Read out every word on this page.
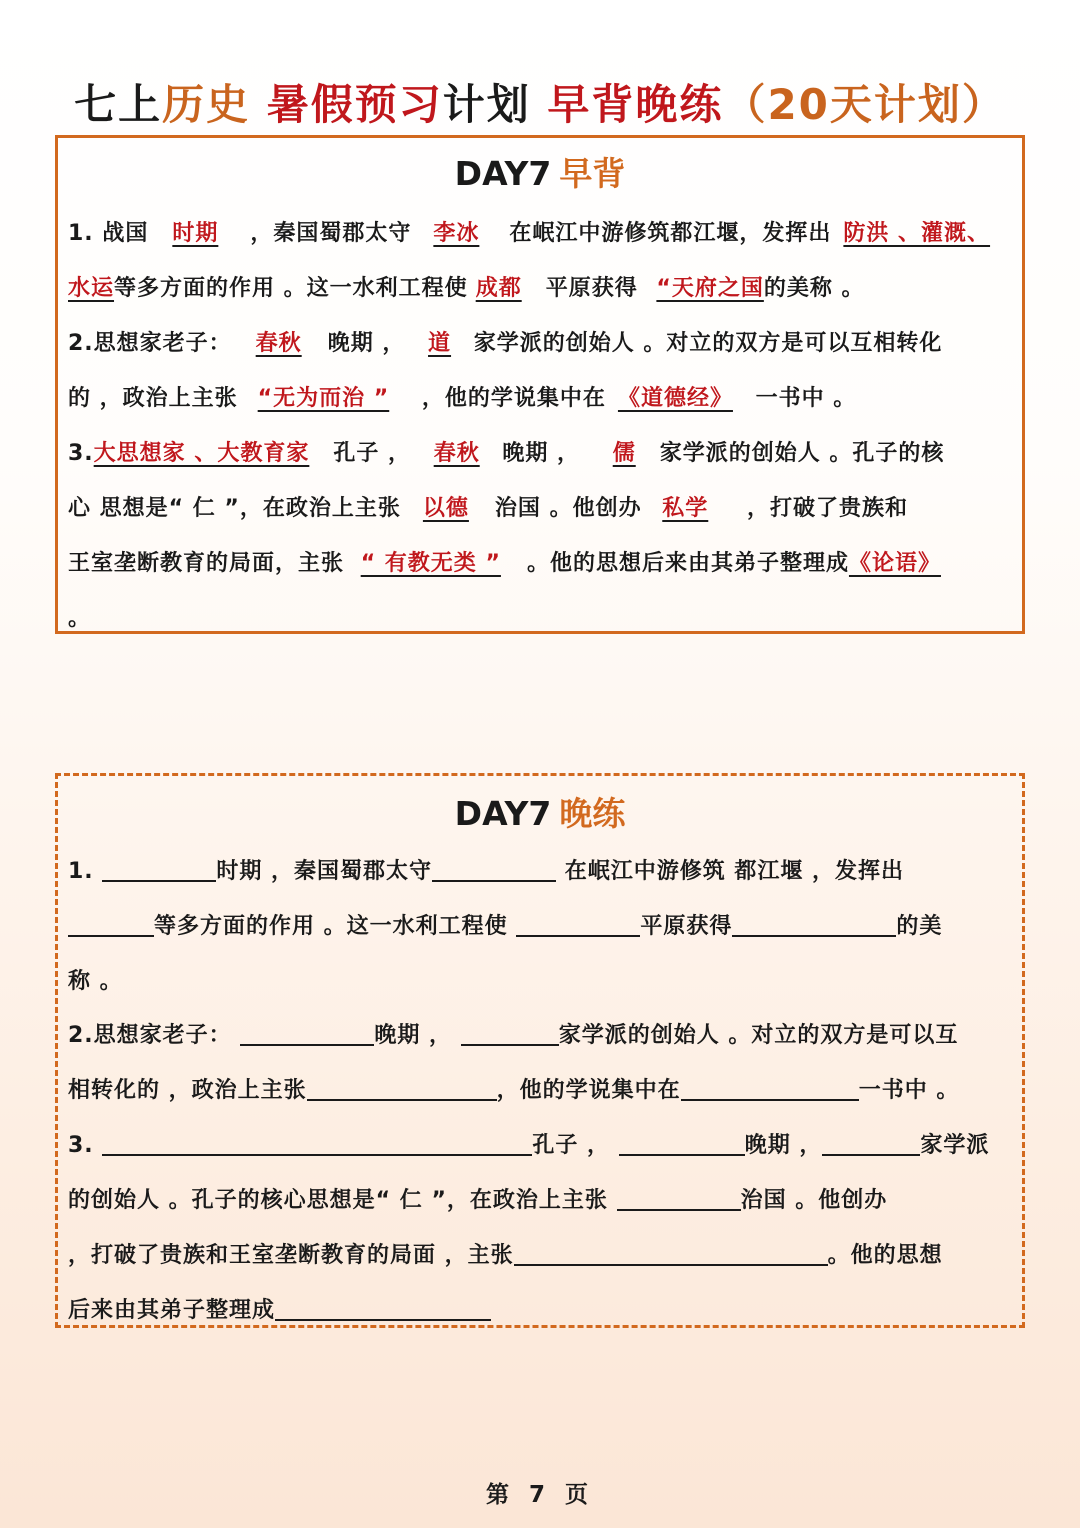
七上历史 暑假预习计划 早背晚练（20天计划）
DAY7 早背
1. 战国 时期 ，秦国蜀郡太守 李冰 在岷江中游修筑都江堰，发挥出 防洪 、灌溉、
水运等多方面的作用 。这一水利工程使 成都 平原获得 “天府之国的美称 。
2.思想家老子： 春秋 晚期 ， 道 家学派的创始人 。对立的双方是可以互相转化
的 ，政治上主张 “无为而治 ” ，他的学说集中在 《道德经》 一书中 。
3.大思想家 、大教育家 孔子 ， 春秋 晚期 ， 儒 家学派的创始人 。孔子的核
心 思想是“ 仁 ”，在政治上主张 以德 治国 。他创办 私学 ，打破了贵族和
王室垄断教育的局面，主张 “ 有教无类 ” 。他的思想后来由其弟子整理成《论语》
。
DAY7 晚练
1.	时期 ，秦国蜀郡太守	在岷江中游修筑 都江堰 ，发挥出
等多方面的作用 。这一水利工程使	平原获得	的美
称 。
2.思想家老子：	晚期 ，	家学派的创始人 。对立的双方是可以互
相转化的 ，政治上主张	，他的学说集中在	一书中 。
3.	孔子 ，	晚期 ，	家学派
的创始人 。孔子的核心思想是“ 仁 ”，在政治上主张	治国 。他创办
，打破了贵族和王室垄断教育的局面 ，主张	。他的思想
后来由其弟子整理成
第 7 页
